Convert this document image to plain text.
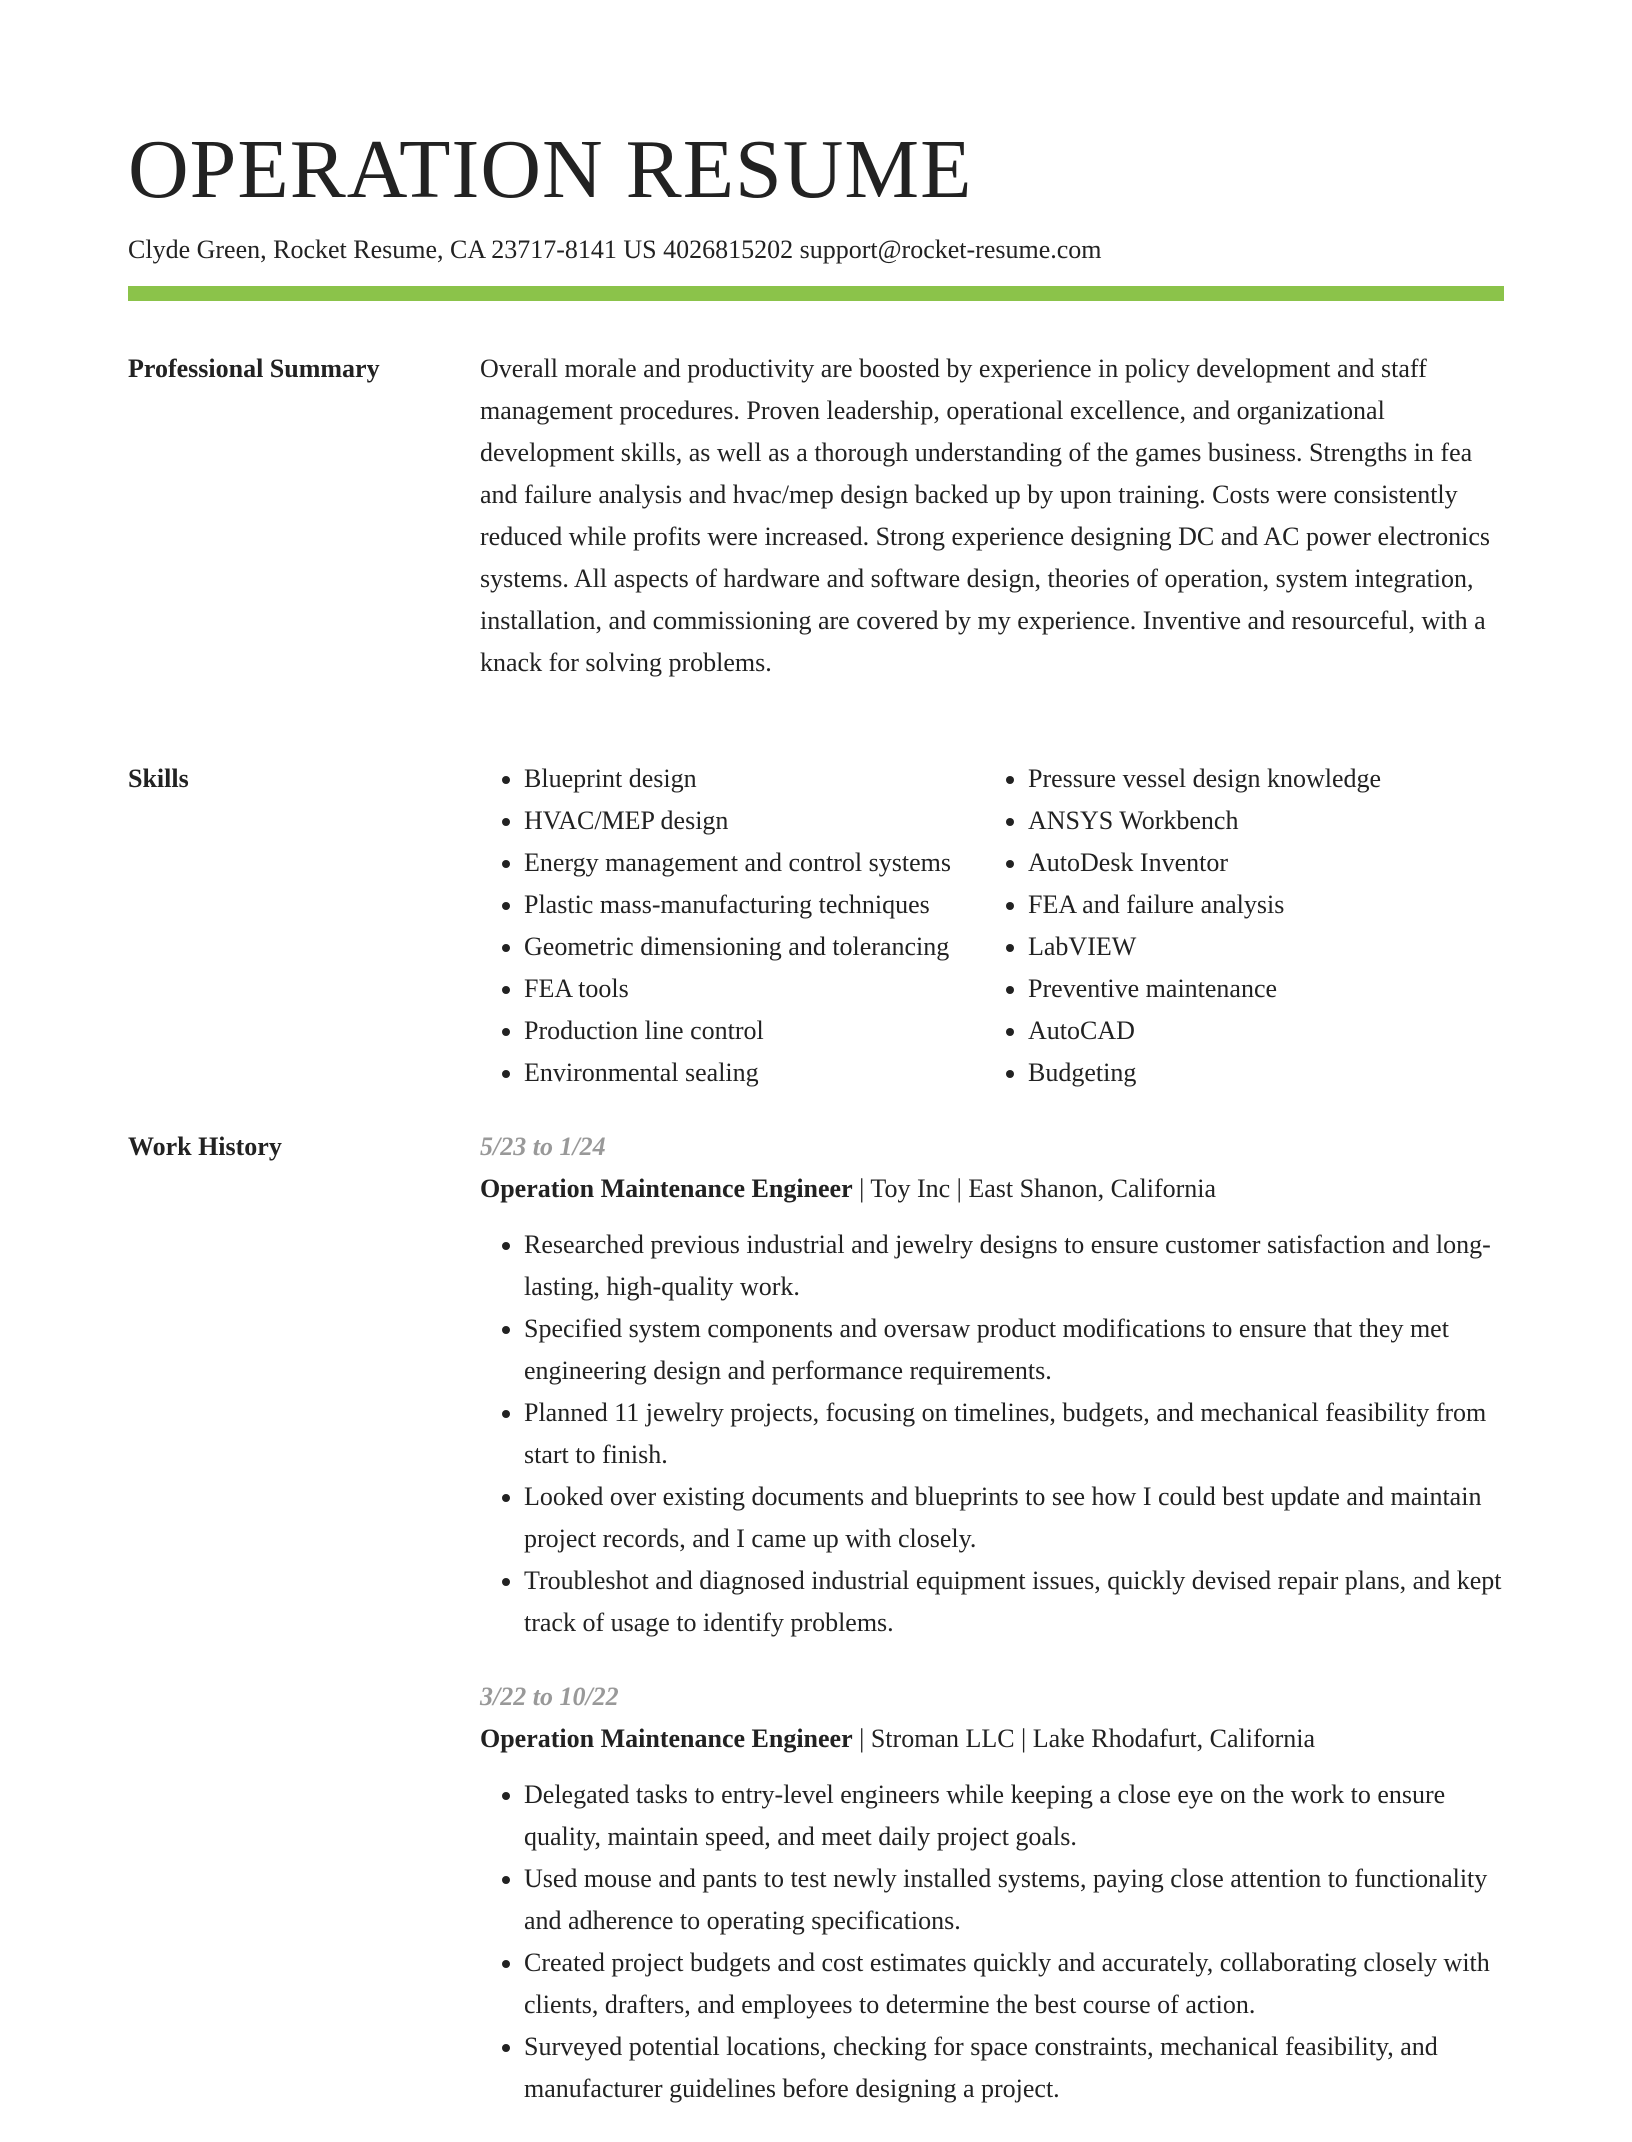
OPERATION RESUME
Clyde Green, Rocket Resume, CA 23717-8141 US 4026815202 support@rocket-resume.com
Professional Summary	Overall morale and productivity are boosted by experience in policy development and staff management procedures. Proven leadership, operational excellence, and organizational development skills, as well as a thorough understanding of the games business. Strengths in fea and failure analysis and hvac/mep design backed up by upon training. Costs were consistently reduced while profits were increased. Strong experience designing DC and AC power electronics systems. All aspects of hardware and software design, theories of operation, system integration, installation, and commissioning are covered by my experience. Inventive and resourceful, with a knack for solving problems.

Skills
•	Blueprint design
• HVAC/MEP design
• Energy management and control systems
• Plastic mass-manufacturing techniques
• Geometric dimensioning and tolerancing
• FEA tools
• Production line control
• Environmental sealing
• Pressure vessel design knowledge
• ANSYS Workbench
• AutoDesk Inventor
• FEA and failure analysis
• LabVIEW
• Preventive maintenance
• AutoCAD
• Budgeting
Work History	5/23 to 1/24
Operation Maintenance Engineer | Toy Inc | East Shanon, California
• Researched previous industrial and jewelry designs to ensure customer satisfaction and long-lasting, high-quality work.
• Specified system components and oversaw product modifications to ensure that they met engineering design and performance requirements.
• Planned 11 jewelry projects, focusing on timelines, budgets, and mechanical feasibility from start to finish.
• Looked over existing documents and blueprints to see how I could best update and maintain project records, and I came up with closely.
• Troubleshot and diagnosed industrial equipment issues, quickly devised repair plans, and kept track of usage to identify problems.
3/22 to 10/22
Operation Maintenance Engineer | Stroman LLC | Lake Rhodafurt, California
• Delegated tasks to entry-level engineers while keeping a close eye on the work to ensure quality, maintain speed, and meet daily project goals.
• Used mouse and pants to test newly installed systems, paying close attention to functionality and adherence to operating specifications.
• Created project budgets and cost estimates quickly and accurately, collaborating closely with clients, drafters, and employees to determine the best course of action.
• Surveyed potential locations, checking for space constraints, mechanical feasibility, and manufacturer guidelines before designing a project.
